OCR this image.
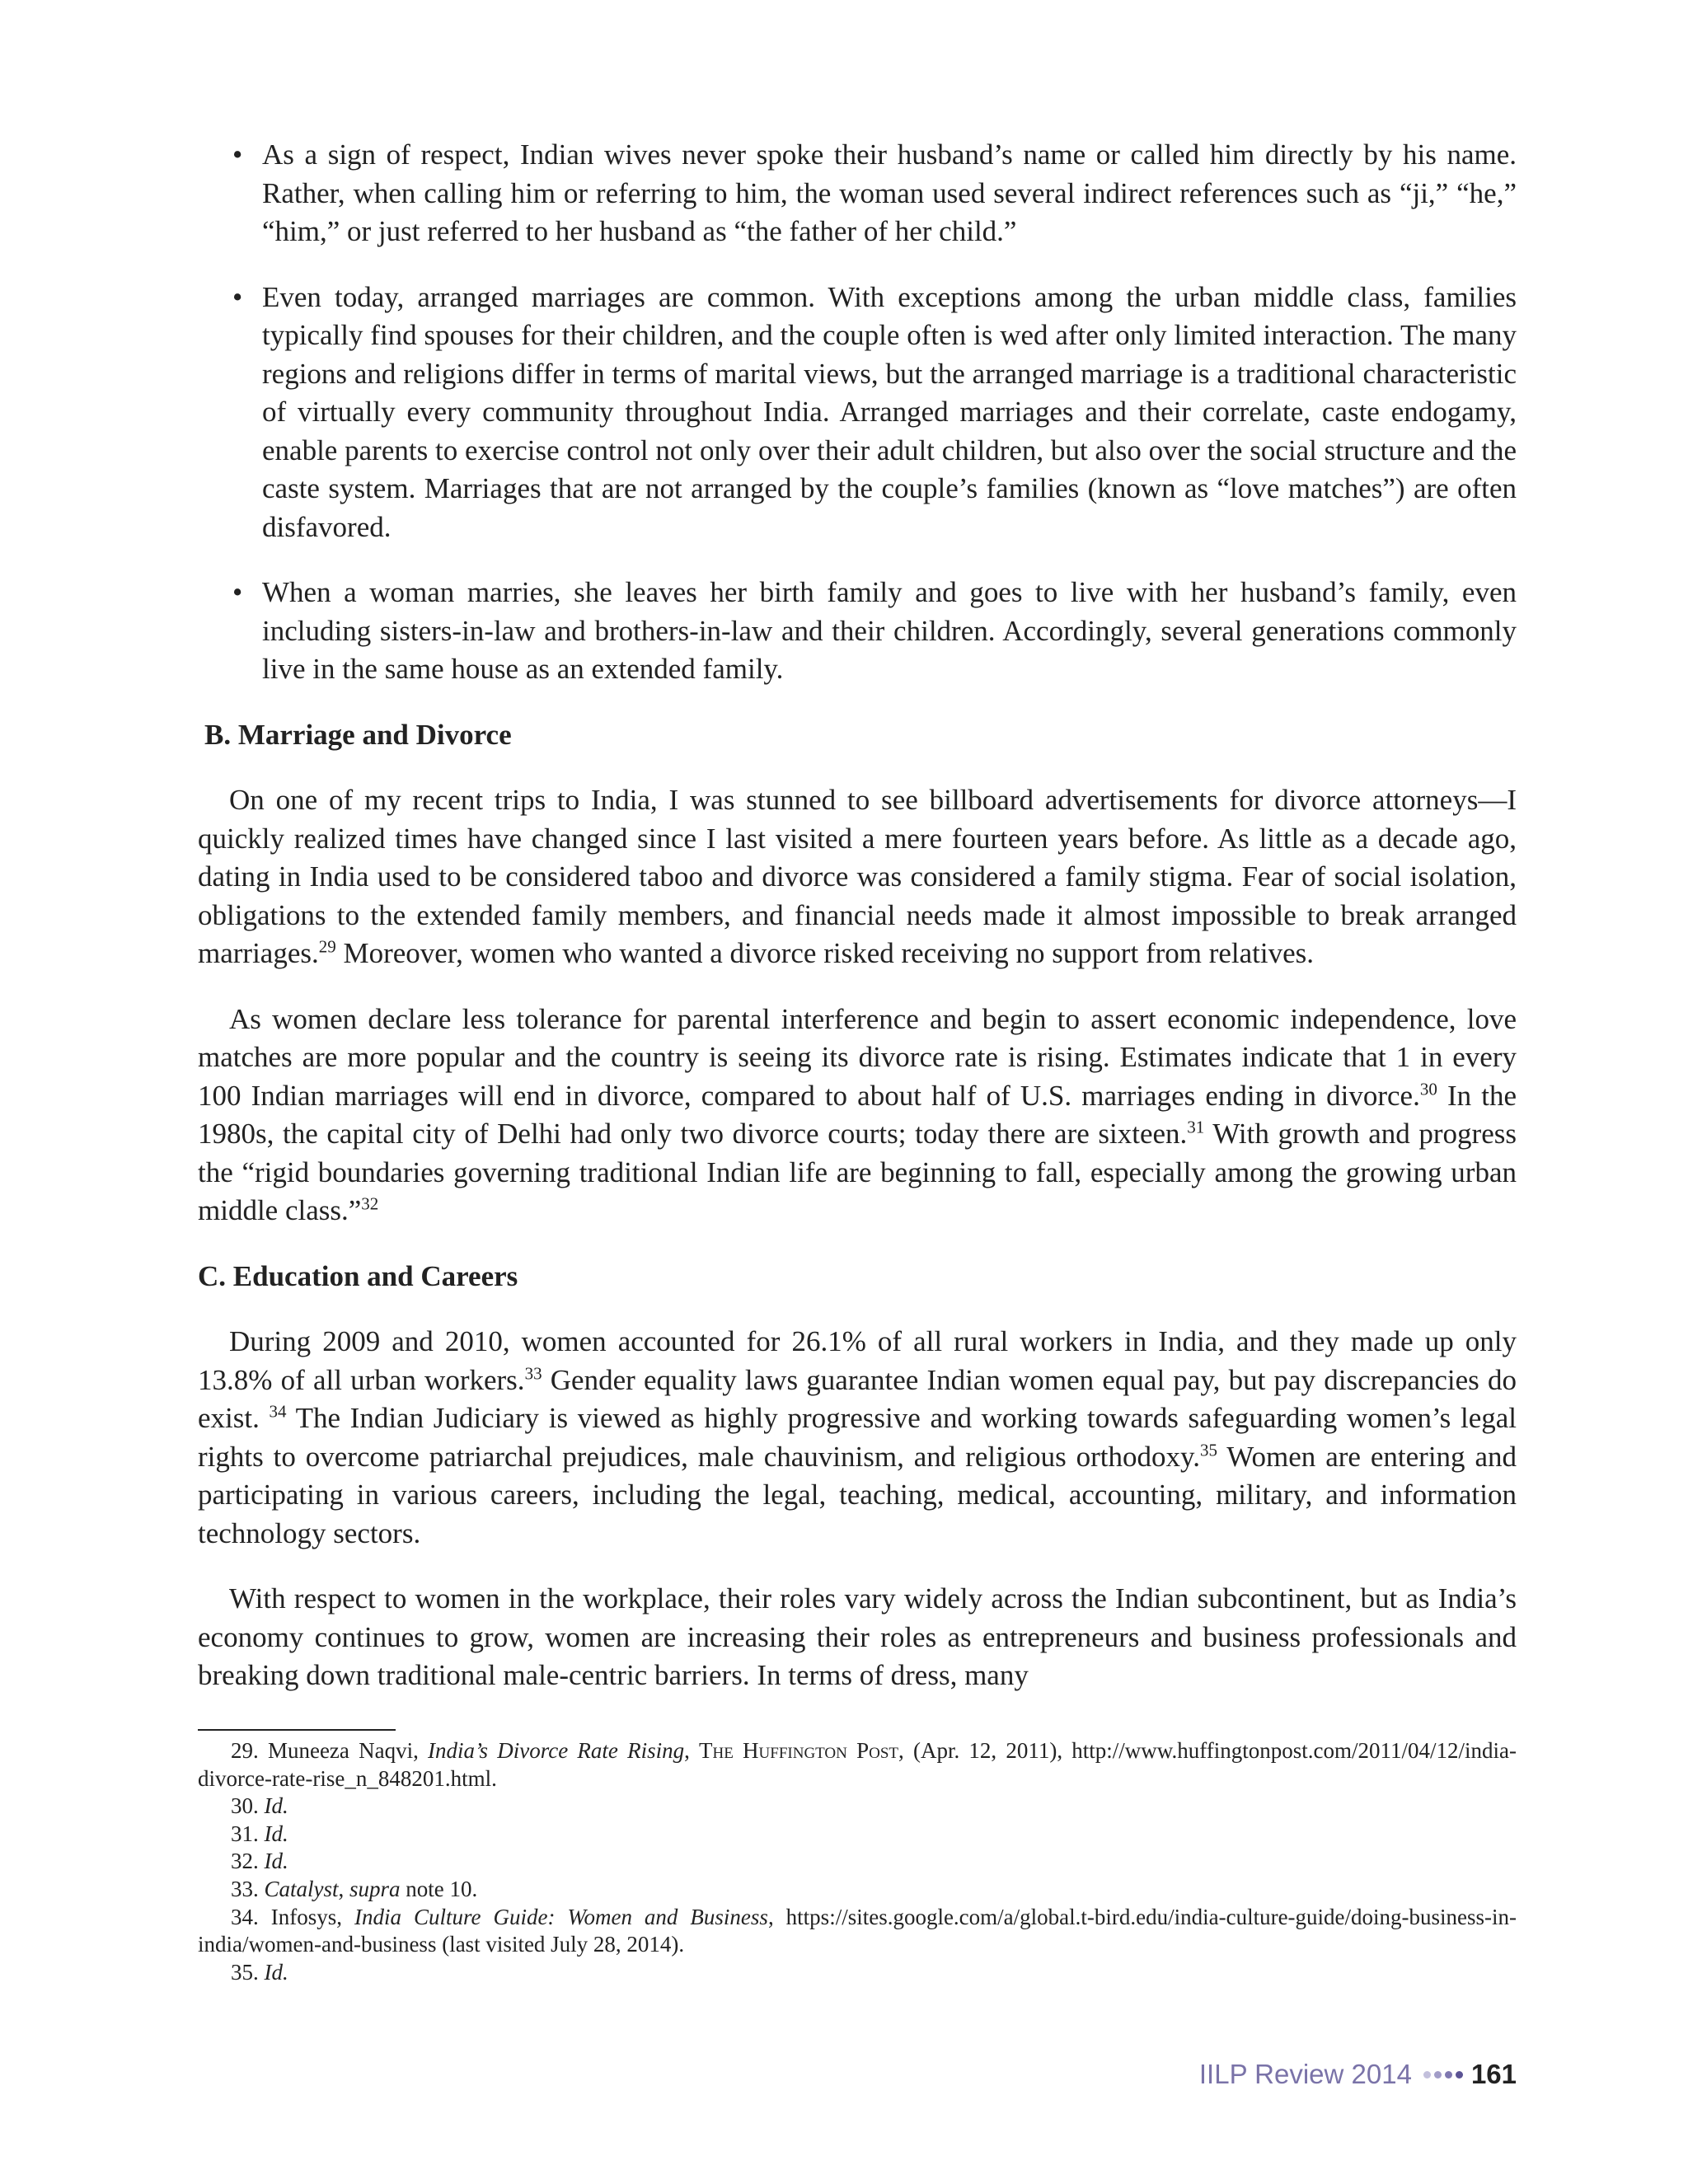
• As a sign of respect, Indian wives never spoke their husband’s name or called him directly by his name. Rather, when calling him or referring to him, the woman used several indirect references such as “ji,” “he,” “him,” or just referred to her husband as “the father of her child.”
• Even today, arranged marriages are common. With exceptions among the urban middle class, families typically find spouses for their children, and the couple often is wed after only limited interaction. The many regions and religions differ in terms of marital views, but the arranged marriage is a traditional characteristic of virtually every community throughout India. Arranged marriages and their correlate, caste endogamy, enable parents to exercise control not only over their adult children, but also over the social structure and the caste system. Marriages that are not arranged by the couple’s families (known as “love matches”) are often disfavored.
• When a woman marries, she leaves her birth family and goes to live with her husband’s family, even including sisters-in-law and brothers-in-law and their children. Accordingly, several generations commonly live in the same house as an extended family.
B. Marriage and Divorce

On one of my recent trips to India, I was stunned to see billboard advertisements for divorce attorneys—I quickly realized times have changed since I last visited a mere fourteen years before. As little as a decade ago, dating in India used to be considered taboo and divorce was considered a family stigma. Fear of social isolation, obligations to the extended family members, and financial needs made it almost impossible to break arranged marriages.$^{29}$ Moreover, women who wanted a divorce risked receiving no support from relatives.

As women declare less tolerance for parental interference and begin to assert economic independence, love matches are more popular and the country is seeing its divorce rate is rising. Estimates indicate that 1 in every 100 Indian marriages will end in divorce, compared to about half of U.S. marriages ending in divorce.$^{30}$ In the 1980s, the capital city of Delhi had only two divorce courts; today there are sixteen.$^{31}$ With growth and progress the “rigid boundaries governing traditional Indian life are beginning to fall, especially among the growing urban middle class.”$^{32}$

C. Education and Careers

During 2009 and 2010, women accounted for 26.1% of all rural workers in India, and they made up only 13.8% of all urban workers.$^{33}$ Gender equality laws guarantee Indian women equal pay, but pay discrepancies do exist. $^{34}$ The Indian Judiciary is viewed as highly progressive and working towards safeguarding women’s legal rights to overcome patriarchal prejudices, male chauvinism, and religious orthodoxy.$^{35}$ Women are entering and participating in various careers, including the legal, teaching, medical, accounting, military, and information technology sectors.

With respect to women in the workplace, their roles vary widely across the Indian subcontinent, but as India’s economy continues to grow, women are increasing their roles as entrepreneurs and business professionals and breaking down traditional male-centric barriers. In terms of dress, many

29. Muneeza Naqvi, India’s Divorce Rate Rising, The Huffington Post, (Apr. 12, 2011), http://www.huffingtonpost.com/2011/04/12/india-divorce-rate-rise_n_848201.html.

30. Id.

31. Id.

32. Id.

33. Catalyst, supra note 10.

34. Infosys, India Culture Guide: Women and Business, https://sites.google.com/a/global.t-bird.edu/india-culture-guide/doing-business-in-india/women-and-business (last visited July 28, 2014).

35. Id.

IILP Review 2014 161
